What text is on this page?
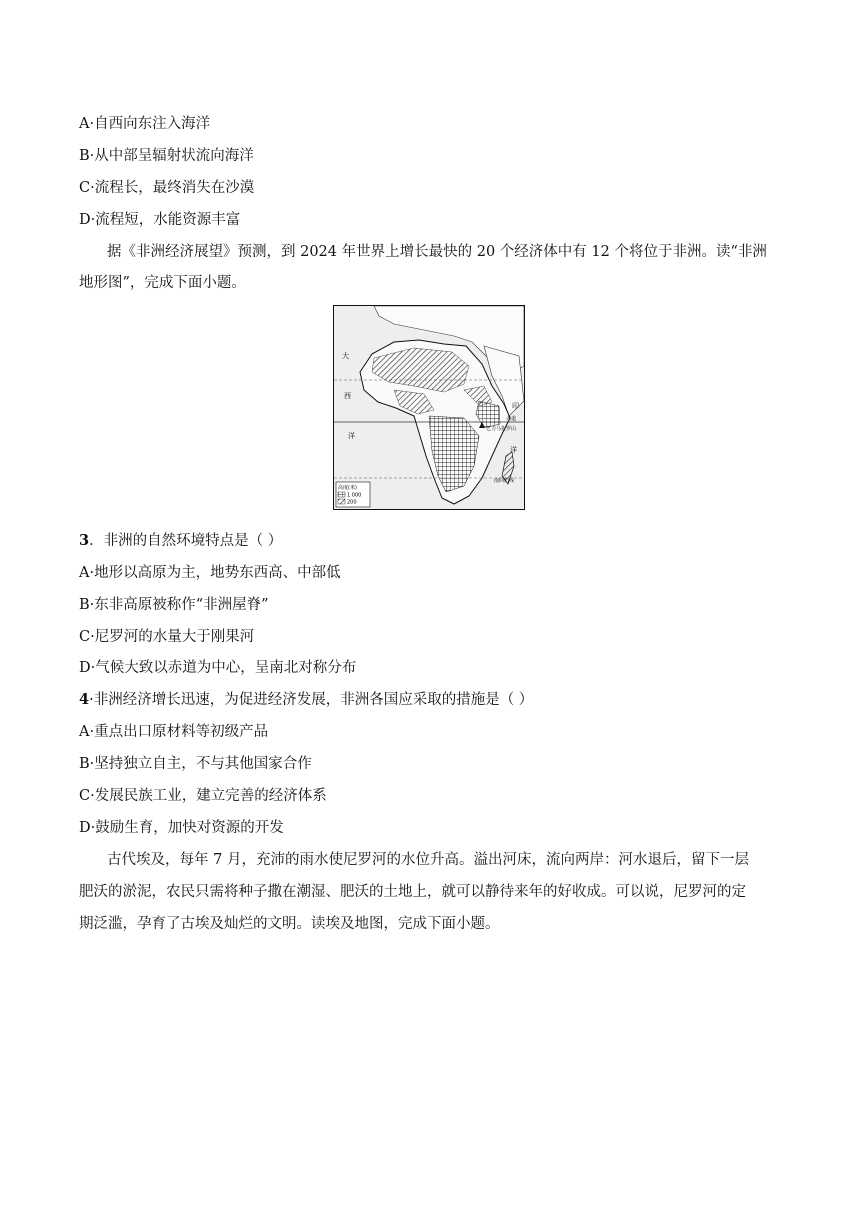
A·自西向东注入海洋
B·从中部呈辐射状流向海洋
C·流程长，最终消失在沙漠
D·流程短，水能资源丰富
据《非洲经济展望》预测，到 2024 年世界上增长最快的 20 个经济体中有 12 个将位于非洲。读“非洲
地形图”，完成下面小题。
大
西
洋
印
洋
乞力马扎罗山
赤道
南回归线
高度(米)
1 000
200
3．非洲的自然环境特点是（ ）
A·地形以高原为主，地势东西高、中部低
B·东非高原被称作“非洲屋脊”
C·尼罗河的水量大于刚果河
D·气候大致以赤道为中心，呈南北对称分布
4·非洲经济增长迅速，为促进经济发展，非洲各国应采取的措施是（ ）
A·重点出口原材料等初级产品
B·坚持独立自主，不与其他国家合作
C·发展民族工业，建立完善的经济体系
D·鼓励生育，加快对资源的开发
古代埃及，每年 7 月，充沛的雨水使尼罗河的水位升高。溢出河床，流向两岸：河水退后，留下一层
肥沃的淤泥，农民只需将种子撒在潮湿、肥沃的土地上，就可以静待来年的好收成。可以说，尼罗河的定
期泛滥，孕育了古埃及灿烂的文明。读埃及地图，完成下面小题。
